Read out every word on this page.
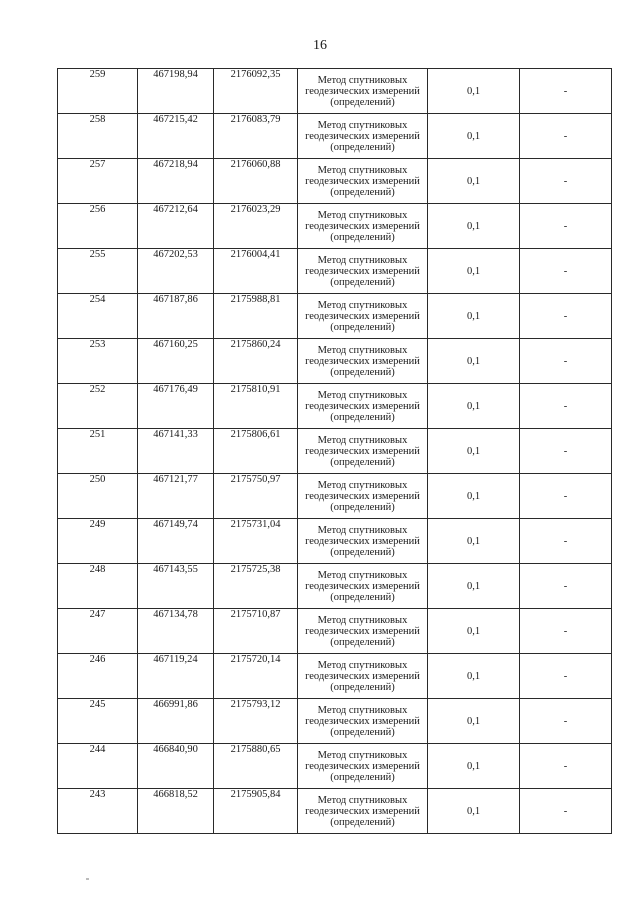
16
259	467198,94	2176092,35	Метод спутниковых геодезических измерений (определений)	0,1	-
258	467215,42	2176083,79	Метод спутниковых геодезических измерений (определений)	0,1	-
257	467218,94	2176060,88	Метод спутниковых геодезических измерений (определений)	0,1	-
256	467212,64	2176023,29	Метод спутниковых геодезических измерений (определений)	0,1	-
255	467202,53	2176004,41	Метод спутниковых геодезических измерений (определений)	0,1	-
254	467187,86	2175988,81	Метод спутниковых геодезических измерений (определений)	0,1	-
253	467160,25	2175860,24	Метод спутниковых геодезических измерений (определений)	0,1	-
252	467176,49	2175810,91	Метод спутниковых геодезических измерений (определений)	0,1	-
251	467141,33	2175806,61	Метод спутниковых геодезических измерений (определений)	0,1	-
250	467121,77	2175750,97	Метод спутниковых геодезических измерений (определений)	0,1	-
249	467149,74	2175731,04	Метод спутниковых геодезических измерений (определений)	0,1	-
248	467143,55	2175725,38	Метод спутниковых геодезических измерений (определений)	0,1	-
247	467134,78	2175710,87	Метод спутниковых геодезических измерений (определений)	0,1	-
246	467119,24	2175720,14	Метод спутниковых геодезических измерений (определений)	0,1	-
245	466991,86	2175793,12	Метод спутниковых геодезических измерений (определений)	0,1	-
244	466840,90	2175880,65	Метод спутниковых геодезических измерений (определений)	0,1	-
243	466818,52	2175905,84	Метод спутниковых геодезических измерений (определений)	0,1	-
